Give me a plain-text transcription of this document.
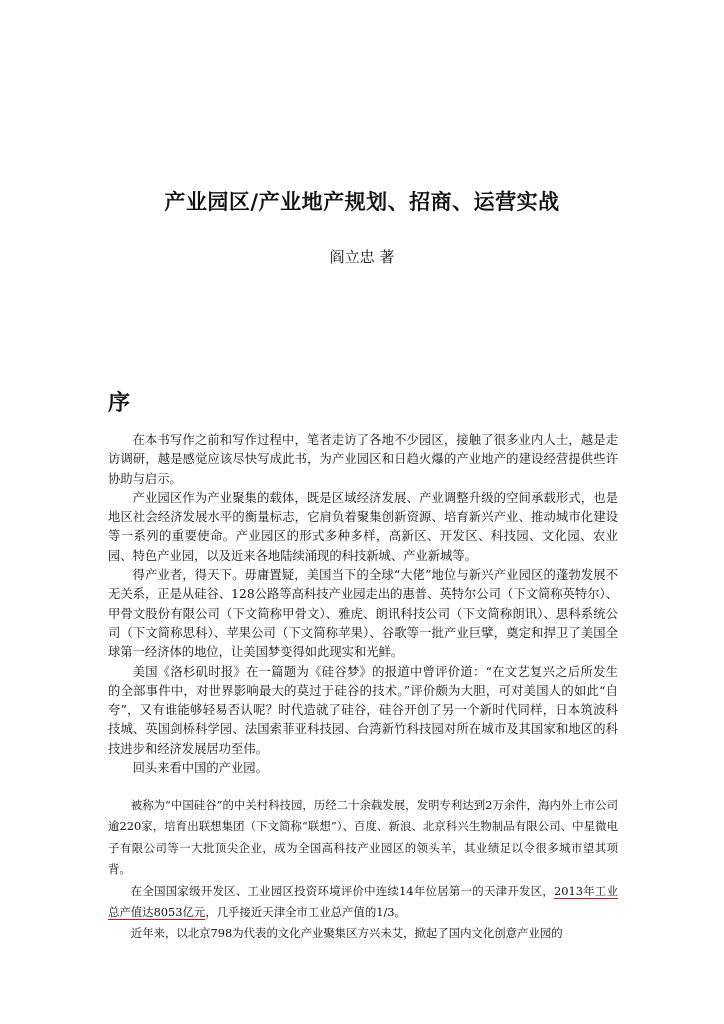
产业园区/产业地产规划、招商、运营实战
阎立忠 著
序

在本书写作之前和写作过程中，笔者走访了各地不少园区，接触了很多业内人士，越是走访调研，越是感觉应该尽快写成此书，为产业园区和日趋火爆的产业地产的建设经营提供些许协助与启示。

产业园区作为产业聚集的载体，既是区域经济发展、产业调整升级的空间承载形式，也是地区社会经济发展水平的衡量标志，它肩负着聚集创新资源、培育新兴产业、推动城市化建设等一系列的重要使命。产业园区的形式多种多样，高新区、开发区、科技园、文化园、农业园、特色产业园，以及近来各地陆续涌现的科技新城、产业新城等。

得产业者，得天下。毋庸置疑，美国当下的全球“大佬”地位与新兴产业园区的蓬勃发展不无关系，正是从硅谷、128公路等高科技产业园走出的惠普、英特尔公司（下文简称英特尔）、甲骨文股份有限公司（下文简称甲骨文）、雅虎、朗讯科技公司（下文简称朗讯）、思科系统公司（下文简称思科）、苹果公司（下文简称苹果）、谷歌等一批产业巨擘，奠定和捍卫了美国全球第一经济体的地位，让美国梦变得如此现实和光鲜。

美国《洛杉矶时报》在一篇题为《硅谷梦》的报道中曾评价道：“在文艺复兴之后所发生的全部事件中，对世界影响最大的莫过于硅谷的技术。”评价颇为大胆，可对美国人的如此“自夸”，又有谁能够轻易否认呢？时代造就了硅谷，硅谷开创了另一个新时代同样，日本筑波科技城、英国剑桥科学园、法国索菲亚科技园、台湾新竹科技园对所在城市及其国家和地区的科技进步和经济发展居功至伟。

回头来看中国的产业园。

被称为“中国硅谷”的中关村科技园，历经二十余载发展，发明专利达到2万余件，海内外上市公司逾220家，培育出联想集团（下文简称“联想”）、百度、新浪、北京科兴生物制品有限公司、中星微电子有限公司等一大批顶尖企业，成为全国高科技产业园区的领头羊，其业绩足以令很多城市望其项背。

在全国国家级开发区、工业园区投资环境评价中连续14年位居第一的天津开发区，2013年工业总产值达8053亿元，几乎接近天津全市工业总产值的1/3。

近年来，以北京798为代表的文化产业聚集区方兴未艾，掀起了国内文化创意产业园的
